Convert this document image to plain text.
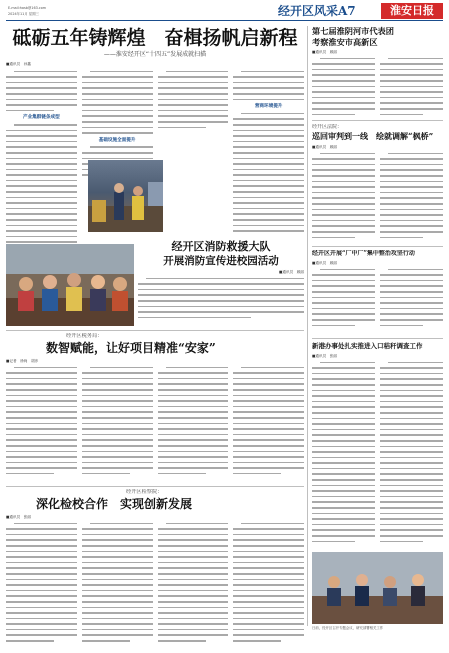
E-mail:hasb@163.com
2024年11月 星期三	经开区风采A7	淮安日报
砥砺五年铸辉煌　奋楫扬帆启新程
——淮安经开区“十四五”发展成就扫描
■通讯员　孙鑫
产业集群链条成型
基础设施全面提升
营商环境提升
第七届淮阴河市代表团
考察淮安市高新区
■通讯员　顾丽
经开区法院：
巡回审判到一线　绘就调解“枫桥”
■通讯员　顾丽
经开区消防救援大队
开展消防宣传进校园活动
■通讯员　顾丽
经开区开展“厂中厂”集中整治攻坚行动
■通讯员　顾丽
新港办事处扎实推进入口秸秆调查工作
■通讯员　张丽
经开区税务局：
数智赋能，让好项目精准“安家”
■记者　徐尚　胡彦
经开区检察院：
深化检校合作　实现创新发展
■通讯员　张丽
日前，经开区召开专题会议，研究部署相关工作
